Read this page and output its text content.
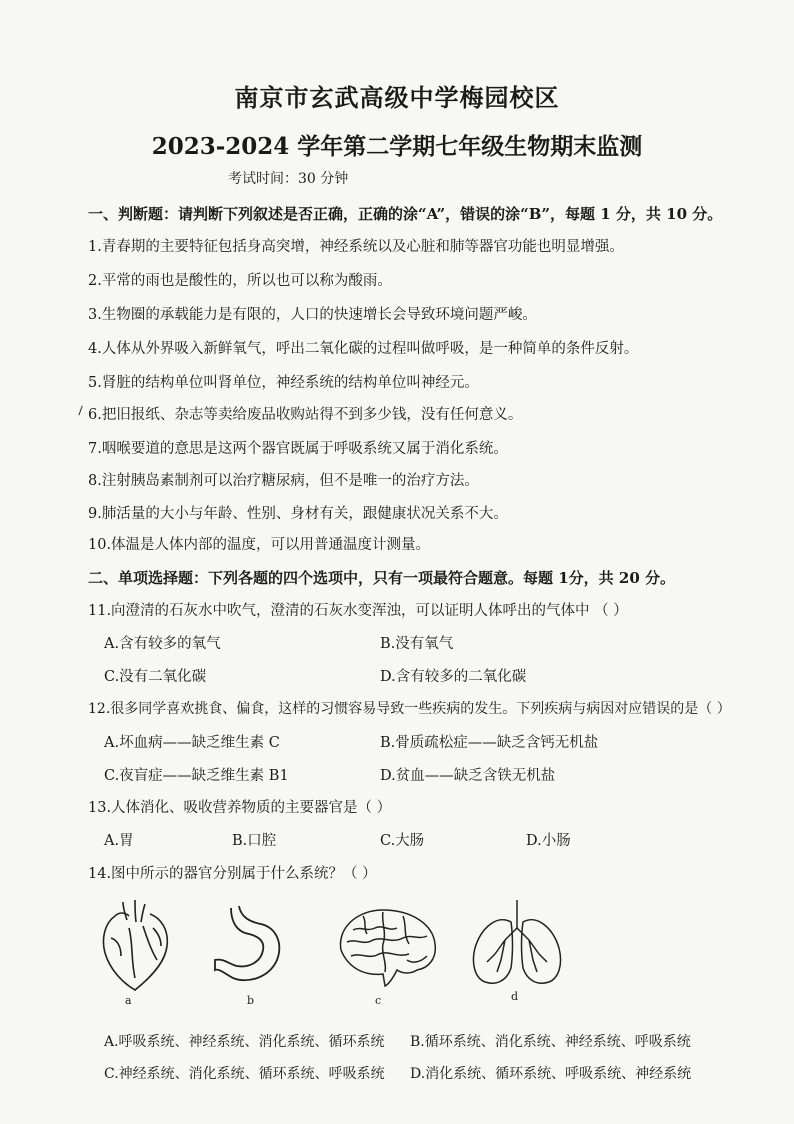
南京市玄武高级中学梅园校区
2023-2024 学年第二学期七年级生物期末监测
考试时间：30 分钟
一、判断题：请判断下列叙述是否正确，正确的涂“A”，错误的涂“B”，每题 1 分，共 10 分。
1.青春期的主要特征包括身高突增，神经系统以及心脏和肺等器官功能也明显增强。
2.平常的雨也是酸性的，所以也可以称为酸雨。
3.生物圈的承载能力是有限的，人口的快速增长会导致环境问题严峻。
4.人体从外界吸入新鲜氧气，呼出二氧化碳的过程叫做呼吸，是一种简单的条件反射。
5.肾脏的结构单位叫肾单位，神经系统的结构单位叫神经元。
6.把旧报纸、杂志等卖给废品收购站得不到多少钱，没有任何意义。
7.咽喉要道的意思是这两个器官既属于呼吸系统又属于消化系统。
8.注射胰岛素制剂可以治疗糖尿病，但不是唯一的治疗方法。
9.肺活量的大小与年龄、性别、身材有关，跟健康状况关系不大。
10.体温是人体内部的温度，可以用普通温度计测量。
二、单项选择题：下列各题的四个选项中，只有一项最符合题意。每题 1分，共 20 分。
11.向澄清的石灰水中吹气，澄清的石灰水变浑浊，可以证明人体呼出的气体中 （ ）
A.含有较多的氧气	B.没有氧气
C.没有二氧化碳	D.含有较多的二氧化碳
12.很多同学喜欢挑食、偏食，这样的习惯容易导致一些疾病的发生。下列疾病与病因对应错误的是（ ）
A.坏血病——缺乏维生素 C	B.骨质疏松症——缺乏含钙无机盐
C.夜盲症——缺乏维生素 B1	D.贫血——缺乏含铁无机盐
13.人体消化、吸收营养物质的主要器官是（ ）
A.胃	B.口腔	C.大肠	D.小肠
14.图中所示的器官分别属于什么系统？（ ）
a	b	c	d
A.呼吸系统、神经系统、消化系统、循环系统 B.循环系统、消化系统、神经系统、呼吸系统
C.神经系统、消化系统、循环系统、呼吸系统 D.消化系统、循环系统、呼吸系统、神经系统
